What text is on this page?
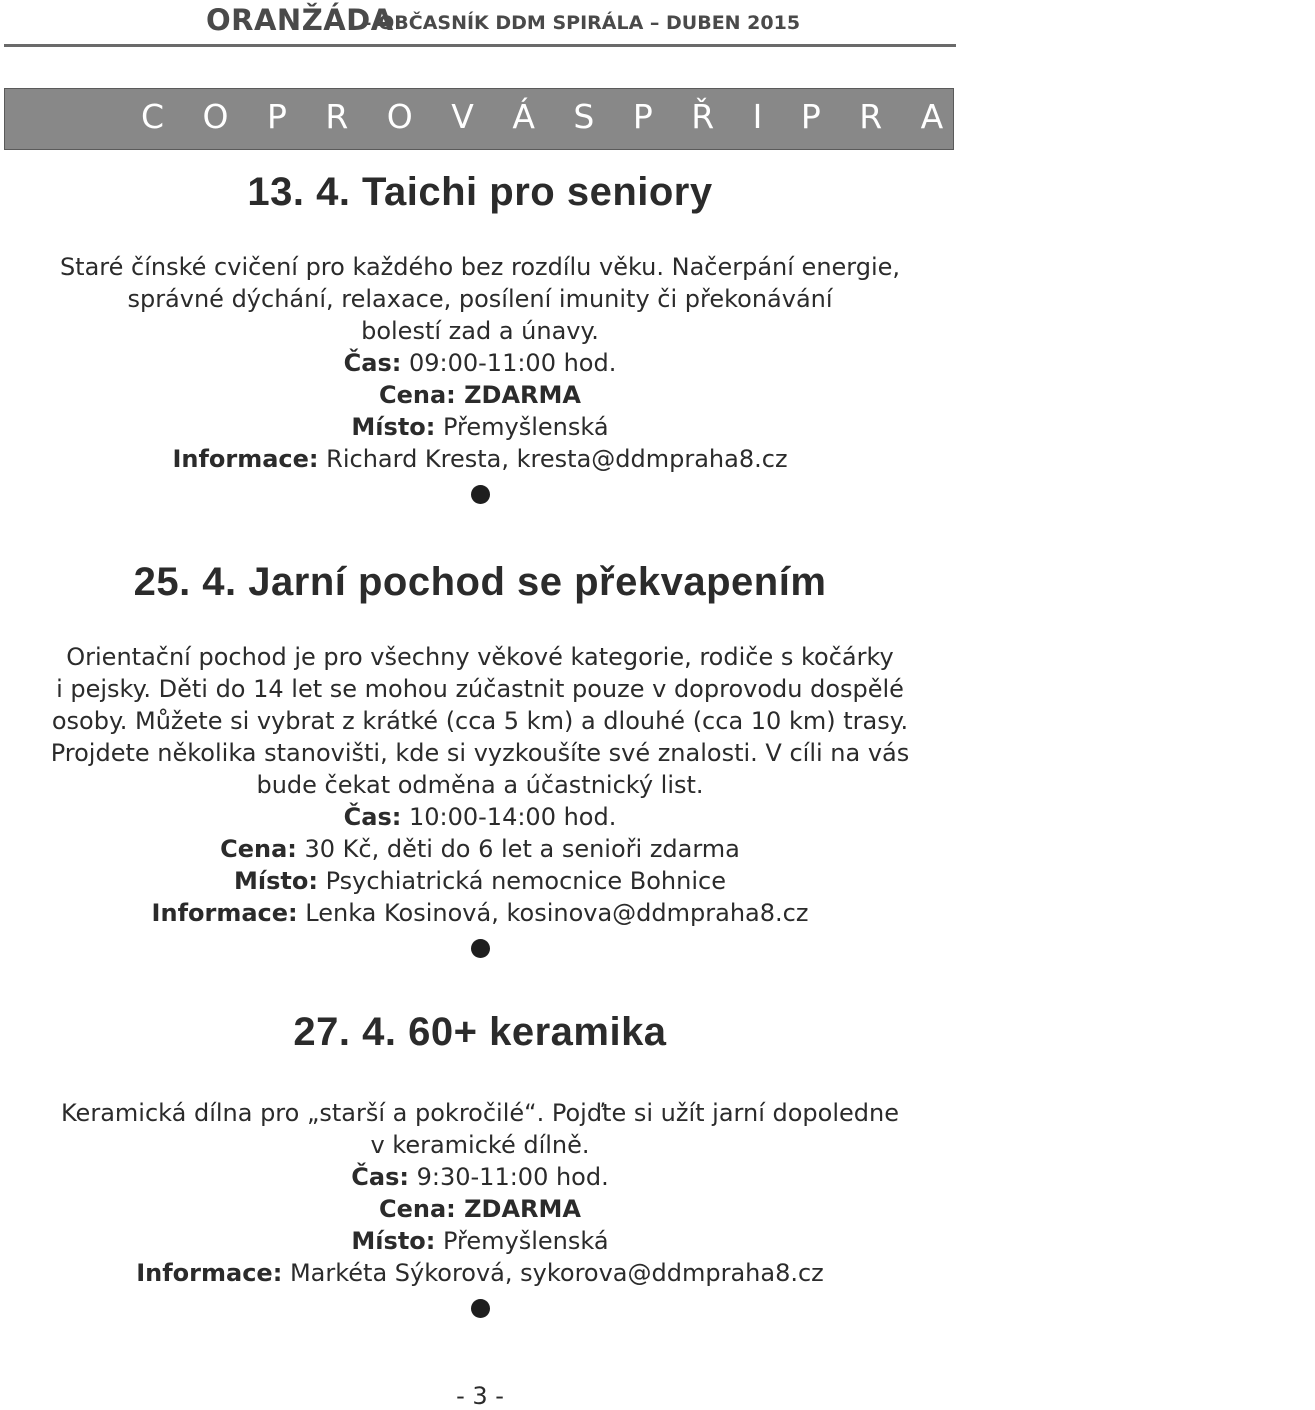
ORANŽÁDA
– OBČASNÍK DDM SPIRÁLA – DUBEN 2015
C O P R O V Á S P Ř I P R A V U J E M E
13. 4. Taichi pro seniory

Staré čínské cvičení pro každého bez rozdílu věku. Načerpání energie,

správné dýchání, relaxace, posílení imunity či překonávání

bolestí zad a únavy.

Čas: 09:00-11:00 hod.

Cena: ZDARMA

Místo: Přemyšlenská

Informace: Richard Kresta, kresta@ddmpraha8.cz

25. 4. Jarní pochod se překvapením

Orientační pochod je pro všechny věkové kategorie, rodiče s kočárky

i pejsky. Děti do 14 let se mohou zúčastnit pouze v doprovodu dospělé

osoby. Můžete si vybrat z krátké (cca 5 km) a dlouhé (cca 10 km) trasy.

Projdete několika stanovišti, kde si vyzkoušíte své znalosti. V cíli na vás

bude čekat odměna a účastnický list.

Čas: 10:00-14:00 hod.

Cena: 30 Kč, děti do 6 let a senioři zdarma

Místo: Psychiatrická nemocnice Bohnice

Informace: Lenka Kosinová, kosinova@ddmpraha8.cz

27. 4. 60+ keramika

Keramická dílna pro „starší a pokročilé“. Pojďte si užít jarní dopoledne

v keramické dílně.

Čas: 9:30-11:00 hod.

Cena: ZDARMA

Místo: Přemyšlenská

Informace: Markéta Sýkorová, sykorova@ddmpraha8.cz

- 3 -
